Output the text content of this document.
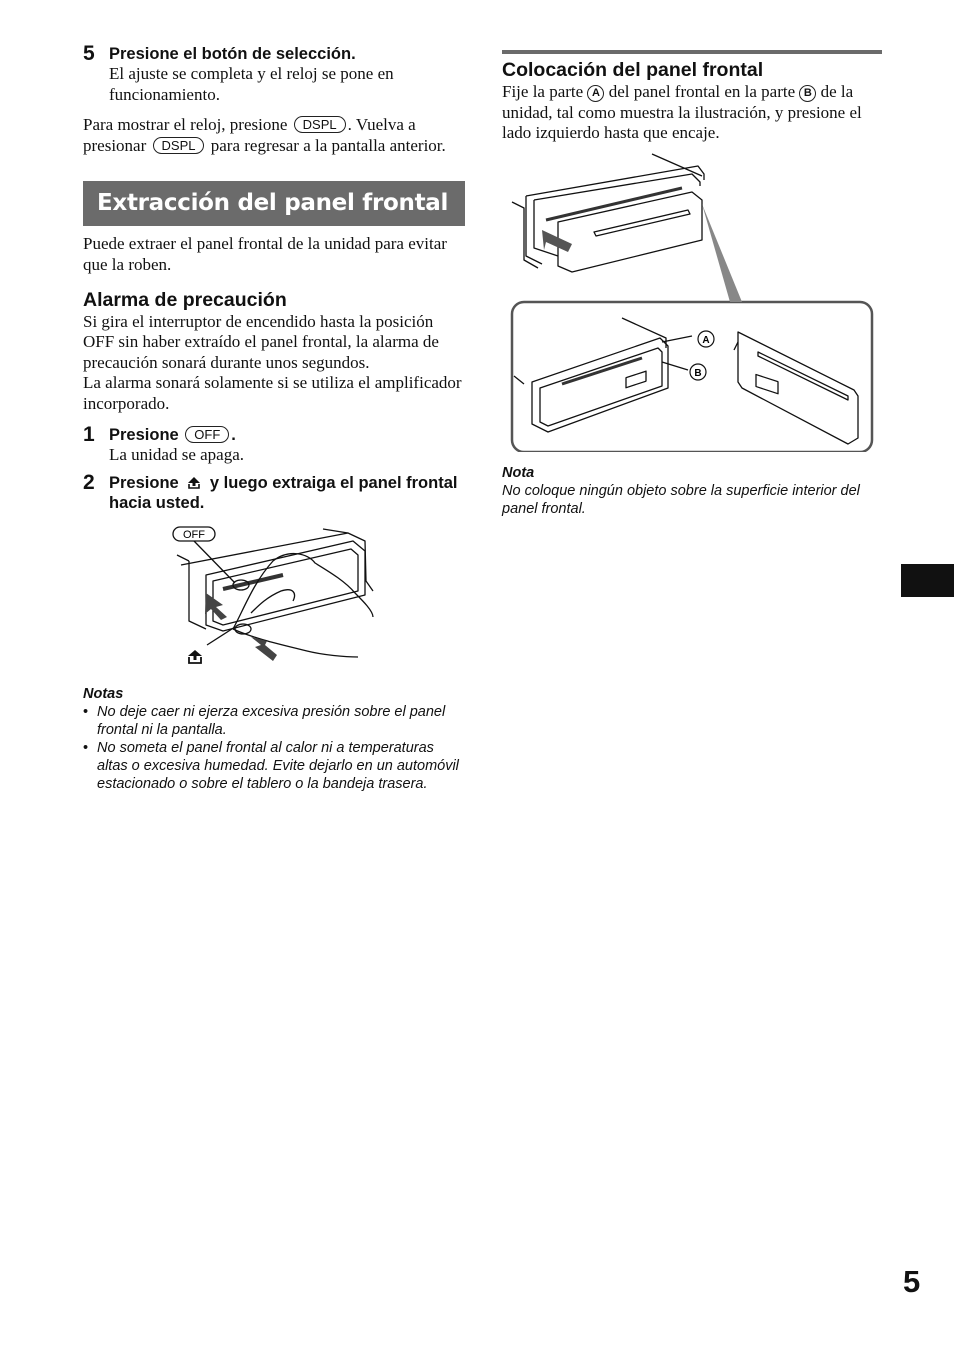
5 Presione el botón de selección.
El ajuste se completa y el reloj se pone en funcionamiento.
Para mostrar el reloj, presione DSPL . Vuelva a presionar DSPL para regresar a la pantalla anterior.
Extracción del panel frontal
Puede extraer el panel frontal de la unidad para evitar que la roben.
Alarma de precaución
Si gira el interruptor de encendido hasta la posición OFF sin haber extraído el panel frontal, la alarma de precaución sonará durante unos segundos.
La alarma sonará solamente si se utiliza el amplificador incorporado.
1 Presione OFF .
La unidad se apaga.
2 Presione y luego extraiga el panel frontal hacia usted.
OFF
Notas
• No deje caer ni ejerza excesiva presión sobre el panel frontal ni la pantalla.
• No someta el panel frontal al calor ni a temperaturas altas o excesiva humedad. Evite dejarlo en un automóvil estacionado o sobre el tablero o la bandeja trasera.
Colocación del panel frontal
Fije la parte A del panel frontal en la parte B de la unidad, tal como muestra la ilustración, y presione el lado izquierdo hasta que encaje.
A
B
Nota
No coloque ningún objeto sobre la superficie interior del panel frontal.
5
